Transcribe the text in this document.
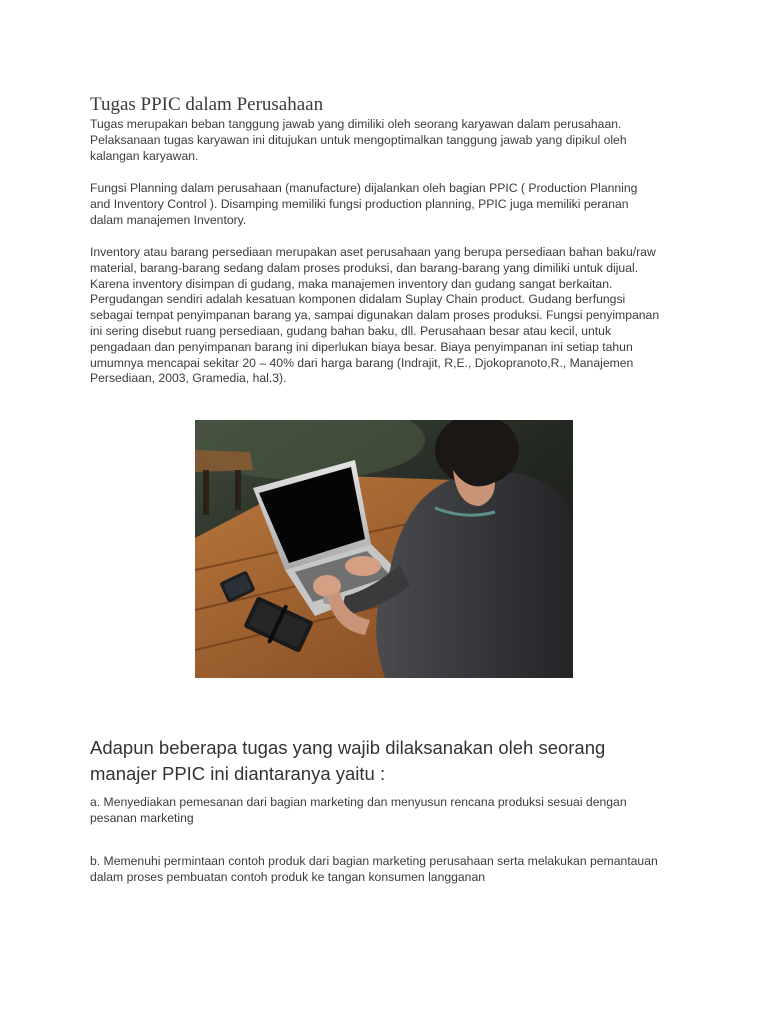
Tugas PPIC dalam Perusahaan

Tugas merupakan beban tanggung jawab yang dimiliki oleh seorang karyawan dalam perusahaan.
Pelaksanaan tugas karyawan ini ditujukan untuk mengoptimalkan tanggung jawab yang dipikul oleh
kalangan karyawan.

Fungsi Planning dalam perusahaan (manufacture) dijalankan oleh bagian PPIC ( Production Planning
and Inventory Control ). Disamping memiliki fungsi production planning, PPIC juga memiliki peranan
dalam manajemen Inventory.

Inventory atau barang persediaan merupakan aset perusahaan yang berupa persediaan bahan baku/raw
material, barang-barang sedang dalam proses produksi, dan barang-barang yang dimiliki untuk dijual.
Karena inventory disimpan di gudang, maka manajemen inventory dan gudang sangat berkaitan.
Pergudangan sendiri adalah kesatuan komponen didalam Suplay Chain product. Gudang berfungsi
sebagai tempat penyimpanan barang ya, sampai digunakan dalam proses produksi. Fungsi penyimpanan
ini sering disebut ruang persediaan, gudang bahan baku, dll. Perusahaan besar atau kecil, untuk
pengadaan dan penyimpanan barang ini diperlukan biaya besar. Biaya penyimpanan ini setiap tahun
umumnya mencapai sekitar 20 – 40% dari harga barang (Indrajit, R,E., Djokopranoto,R., Manajemen
Persediaan, 2003, Gramedia, hal.3).

Adapun beberapa tugas yang wajib dilaksanakan oleh seorang
manajer PPIC ini diantaranya yaitu :

a. Menyediakan pemesanan dari bagian marketing dan menyusun rencana produksi sesuai dengan
pesanan marketing

b. Memenuhi permintaan contoh produk dari bagian marketing perusahaan serta melakukan pemantauan
dalam proses pembuatan contoh produk ke tangan konsumen langganan
